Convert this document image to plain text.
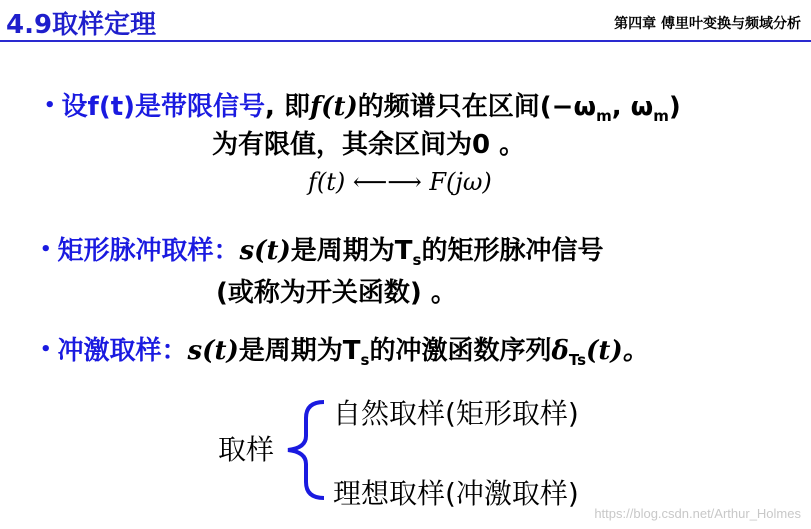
4.9取样定理	第四章 傅里叶变换与频域分析
• 设f(t)是带限信号, 即f(t)的频谱只在区间($-\omega_m$, $\omega_m$)
为有限值，其余区间为0 。
f(t) ⟵⟶ F(jω)
• 矩形脉冲取样：s(t)是周期为$T_s$的矩形脉冲信号
(或称为开关函数) 。
• 冲激取样：s(t)是周期为$T_s$的冲激函数序列$\delta_{Ts}(t)$。
取样
自然取样(矩形取样)
理想取样(冲激取样)
https://blog.csdn.net/Arthur_Holmes
